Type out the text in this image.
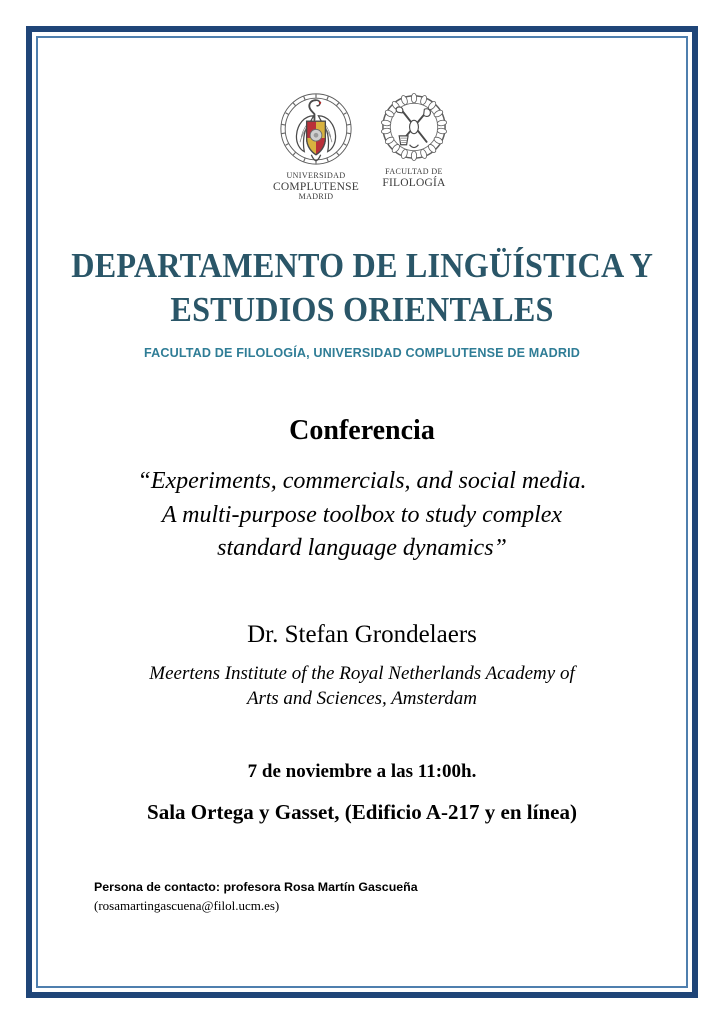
UNIVERSIDAD
COMPLUTENSE
MADRID
FACULTAD DE
FILOLOGÍA
DEPARTAMENTO DE LINGÜÍSTICA Y
ESTUDIOS ORIENTALES
FACULTAD DE FILOLOGÍA, UNIVERSIDAD COMPLUTENSE DE MADRID
Conferencia
“Experiments, commercials, and social media.
A multi-purpose toolbox to study complex
standard language dynamics”
Dr. Stefan Grondelaers
Meertens Institute of the Royal Netherlands Academy of
Arts and Sciences, Amsterdam
7 de noviembre a las 11:00h.
Sala Ortega y Gasset, (Edificio A-217 y en línea)
Persona de contacto: profesora Rosa Martín Gascueña
(rosamartingascuena@filol.ucm.es)
